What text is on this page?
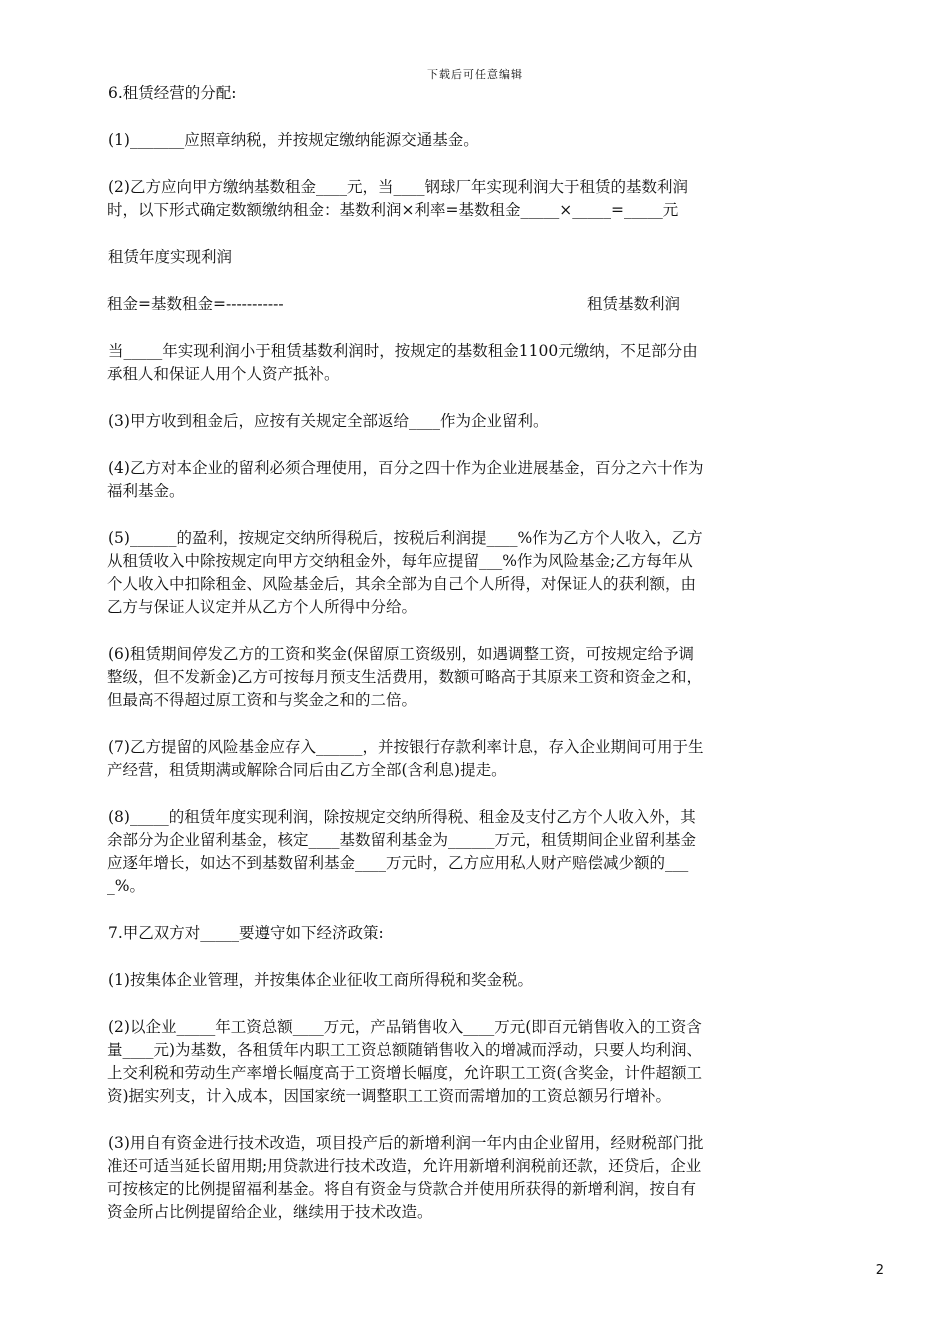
下载后可任意编辑

6.租赁经营的分配:

(1)_______应照章纳税，并按规定缴纳能源交通基金。

(2)乙方应向甲方缴纳基数租金____元，当____钢球厂年实现利润大于租赁的基数利润时，以下形式确定数额缴纳租金：基数利润×利率=基数租金_____×_____=_____元

租赁年度实现利润

租金=基数租金=-----------	租赁基数利润

当_____年实现利润小于租赁基数利润时，按规定的基数租金1100元缴纳，不足部分由承租人和保证人用个人资产抵补。

(3)甲方收到租金后，应按有关规定全部返给____作为企业留利。

(4)乙方对本企业的留利必须合理使用，百分之四十作为企业进展基金，百分之六十作为福利基金。

(5)______的盈利，按规定交纳所得税后，按税后利润提____%作为乙方个人收入，乙方从租赁收入中除按规定向甲方交纳租金外，每年应提留___%作为风险基金;乙方每年从个人收入中扣除租金、风险基金后，其余全部为自己个人所得，对保证人的获利额，由乙方与保证人议定并从乙方个人所得中分给。

(6)租赁期间停发乙方的工资和奖金(保留原工资级别，如遇调整工资，可按规定给予调整级，但不发新金)乙方可按每月预支生活费用，数额可略高于其原来工资和资金之和，但最高不得超过原工资和与奖金之和的二倍。

(7)乙方提留的风险基金应存入______，并按银行存款利率计息，存入企业期间可用于生产经营，租赁期满或解除合同后由乙方全部(含利息)提走。

(8)_____的租赁年度实现利润，除按规定交纳所得税、租金及支付乙方个人收入外，其余部分为企业留利基金，核定____基数留利基金为______万元，租赁期间企业留利基金应逐年增长，如达不到基数留利基金____万元时，乙方应用私人财产赔偿减少额的____%。

7.甲乙双方对_____要遵守如下经济政策:

(1)按集体企业管理，并按集体企业征收工商所得税和奖金税。

(2)以企业_____年工资总额____万元，产品销售收入____万元(即百元销售收入的工资含量____元)为基数，各租赁年内职工工资总额随销售收入的增减而浮动，只要人均利润、上交利税和劳动生产率增长幅度高于工资增长幅度，允许职工工资(含奖金，计件超额工资)据实列支，计入成本，因国家统一调整职工工资而需增加的工资总额另行增补。

(3)用自有资金进行技术改造，项目投产后的新增利润一年内由企业留用，经财税部门批准还可适当延长留用期;用贷款进行技术改造，允许用新增利润税前还款，还贷后，企业可按核定的比例提留福利基金。将自有资金与贷款合并使用所获得的新增利润，按自有资金所占比例提留给企业，继续用于技术改造。

2
